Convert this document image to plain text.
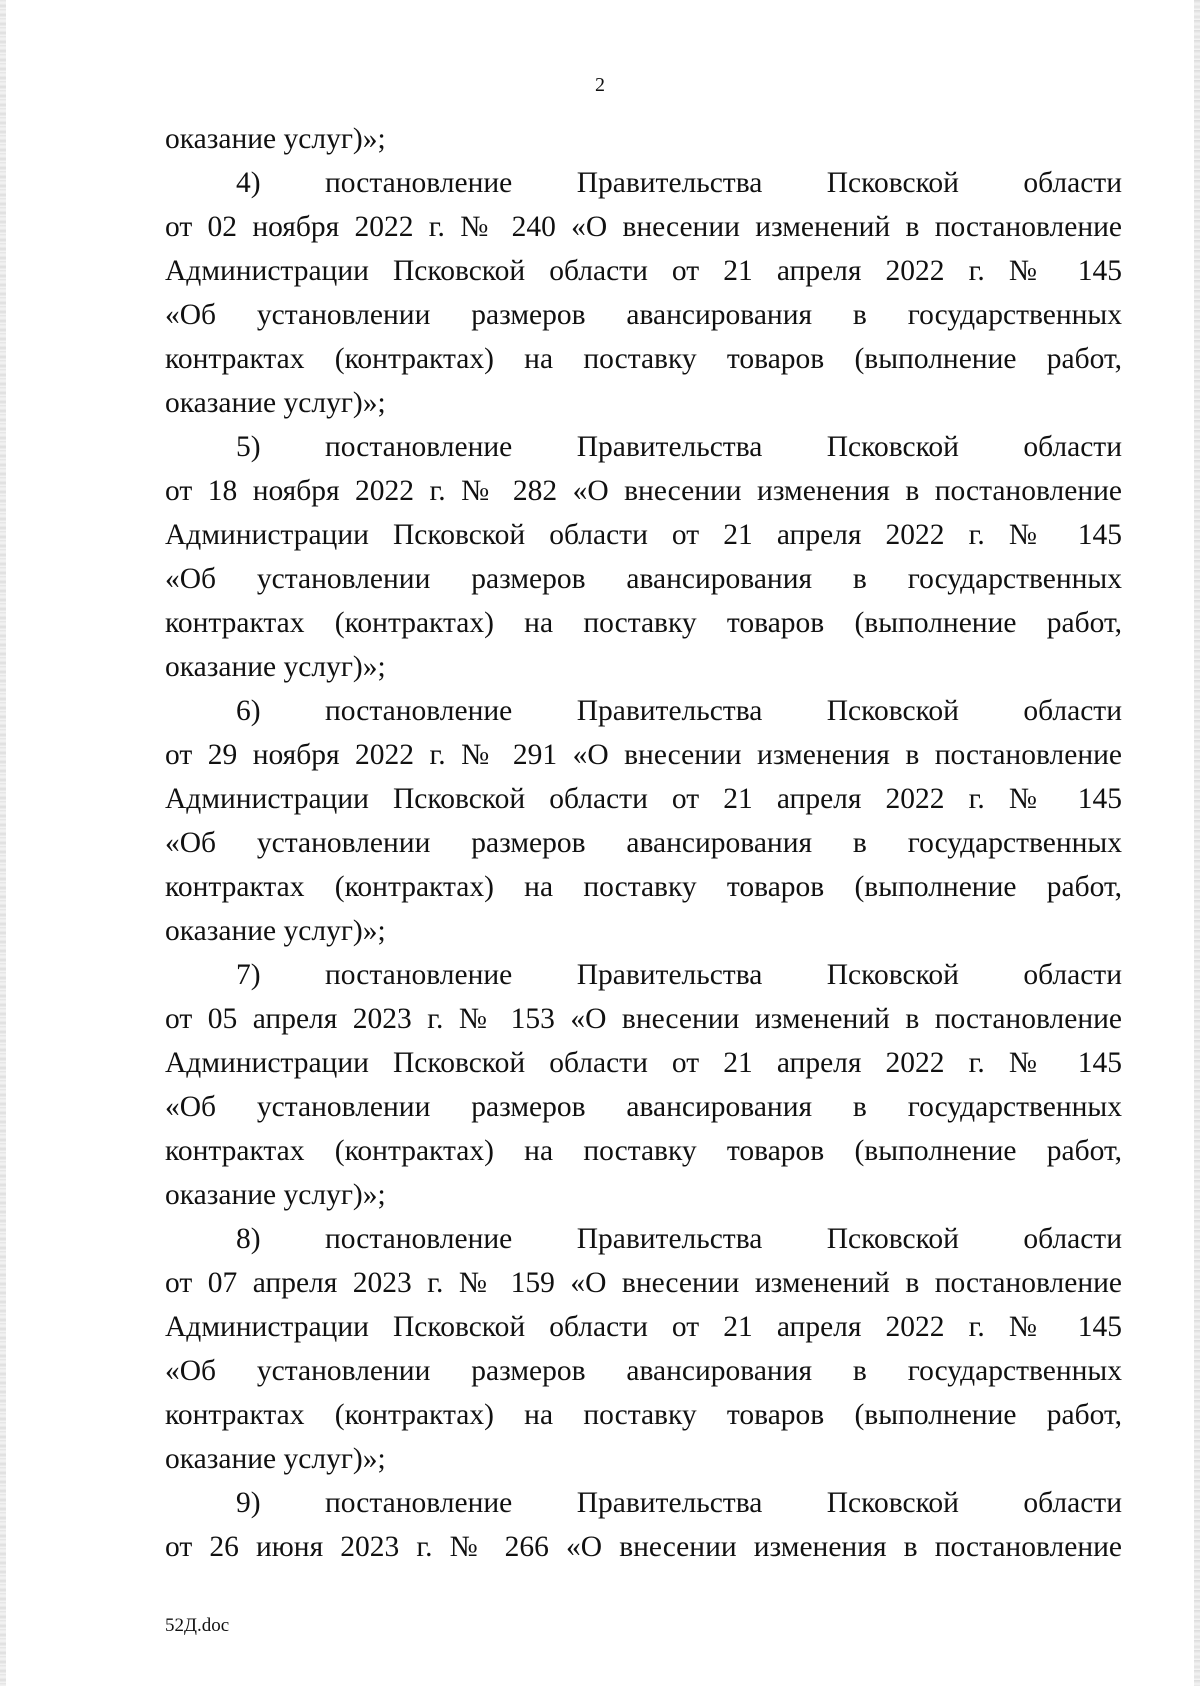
2
оказание услуг)»;
4) постановление Правительства Псковской области
от 02 ноября 2022 г. № 240 «О внесении изменений в постановление
Администрации Псковской области от 21 апреля 2022 г. № 145
«Об установлении размеров авансирования в государственных
контрактах (контрактах) на поставку товаров (выполнение работ,
оказание услуг)»;
5) постановление Правительства Псковской области
от 18 ноября 2022 г. № 282 «О внесении изменения в постановление
Администрации Псковской области от 21 апреля 2022 г. № 145
«Об установлении размеров авансирования в государственных
контрактах (контрактах) на поставку товаров (выполнение работ,
оказание услуг)»;
6) постановление Правительства Псковской области
от 29 ноября 2022 г. № 291 «О внесении изменения в постановление
Администрации Псковской области от 21 апреля 2022 г. № 145
«Об установлении размеров авансирования в государственных
контрактах (контрактах) на поставку товаров (выполнение работ,
оказание услуг)»;
7) постановление Правительства Псковской области
от 05 апреля 2023 г. № 153 «О внесении изменений в постановление
Администрации Псковской области от 21 апреля 2022 г. № 145
«Об установлении размеров авансирования в государственных
контрактах (контрактах) на поставку товаров (выполнение работ,
оказание услуг)»;
8) постановление Правительства Псковской области
от 07 апреля 2023 г. № 159 «О внесении изменений в постановление
Администрации Псковской области от 21 апреля 2022 г. № 145
«Об установлении размеров авансирования в государственных
контрактах (контрактах) на поставку товаров (выполнение работ,
оказание услуг)»;
9) постановление Правительства Псковской области
от 26 июня 2023 г. № 266 «О внесении изменения в постановление
52Д.doc
